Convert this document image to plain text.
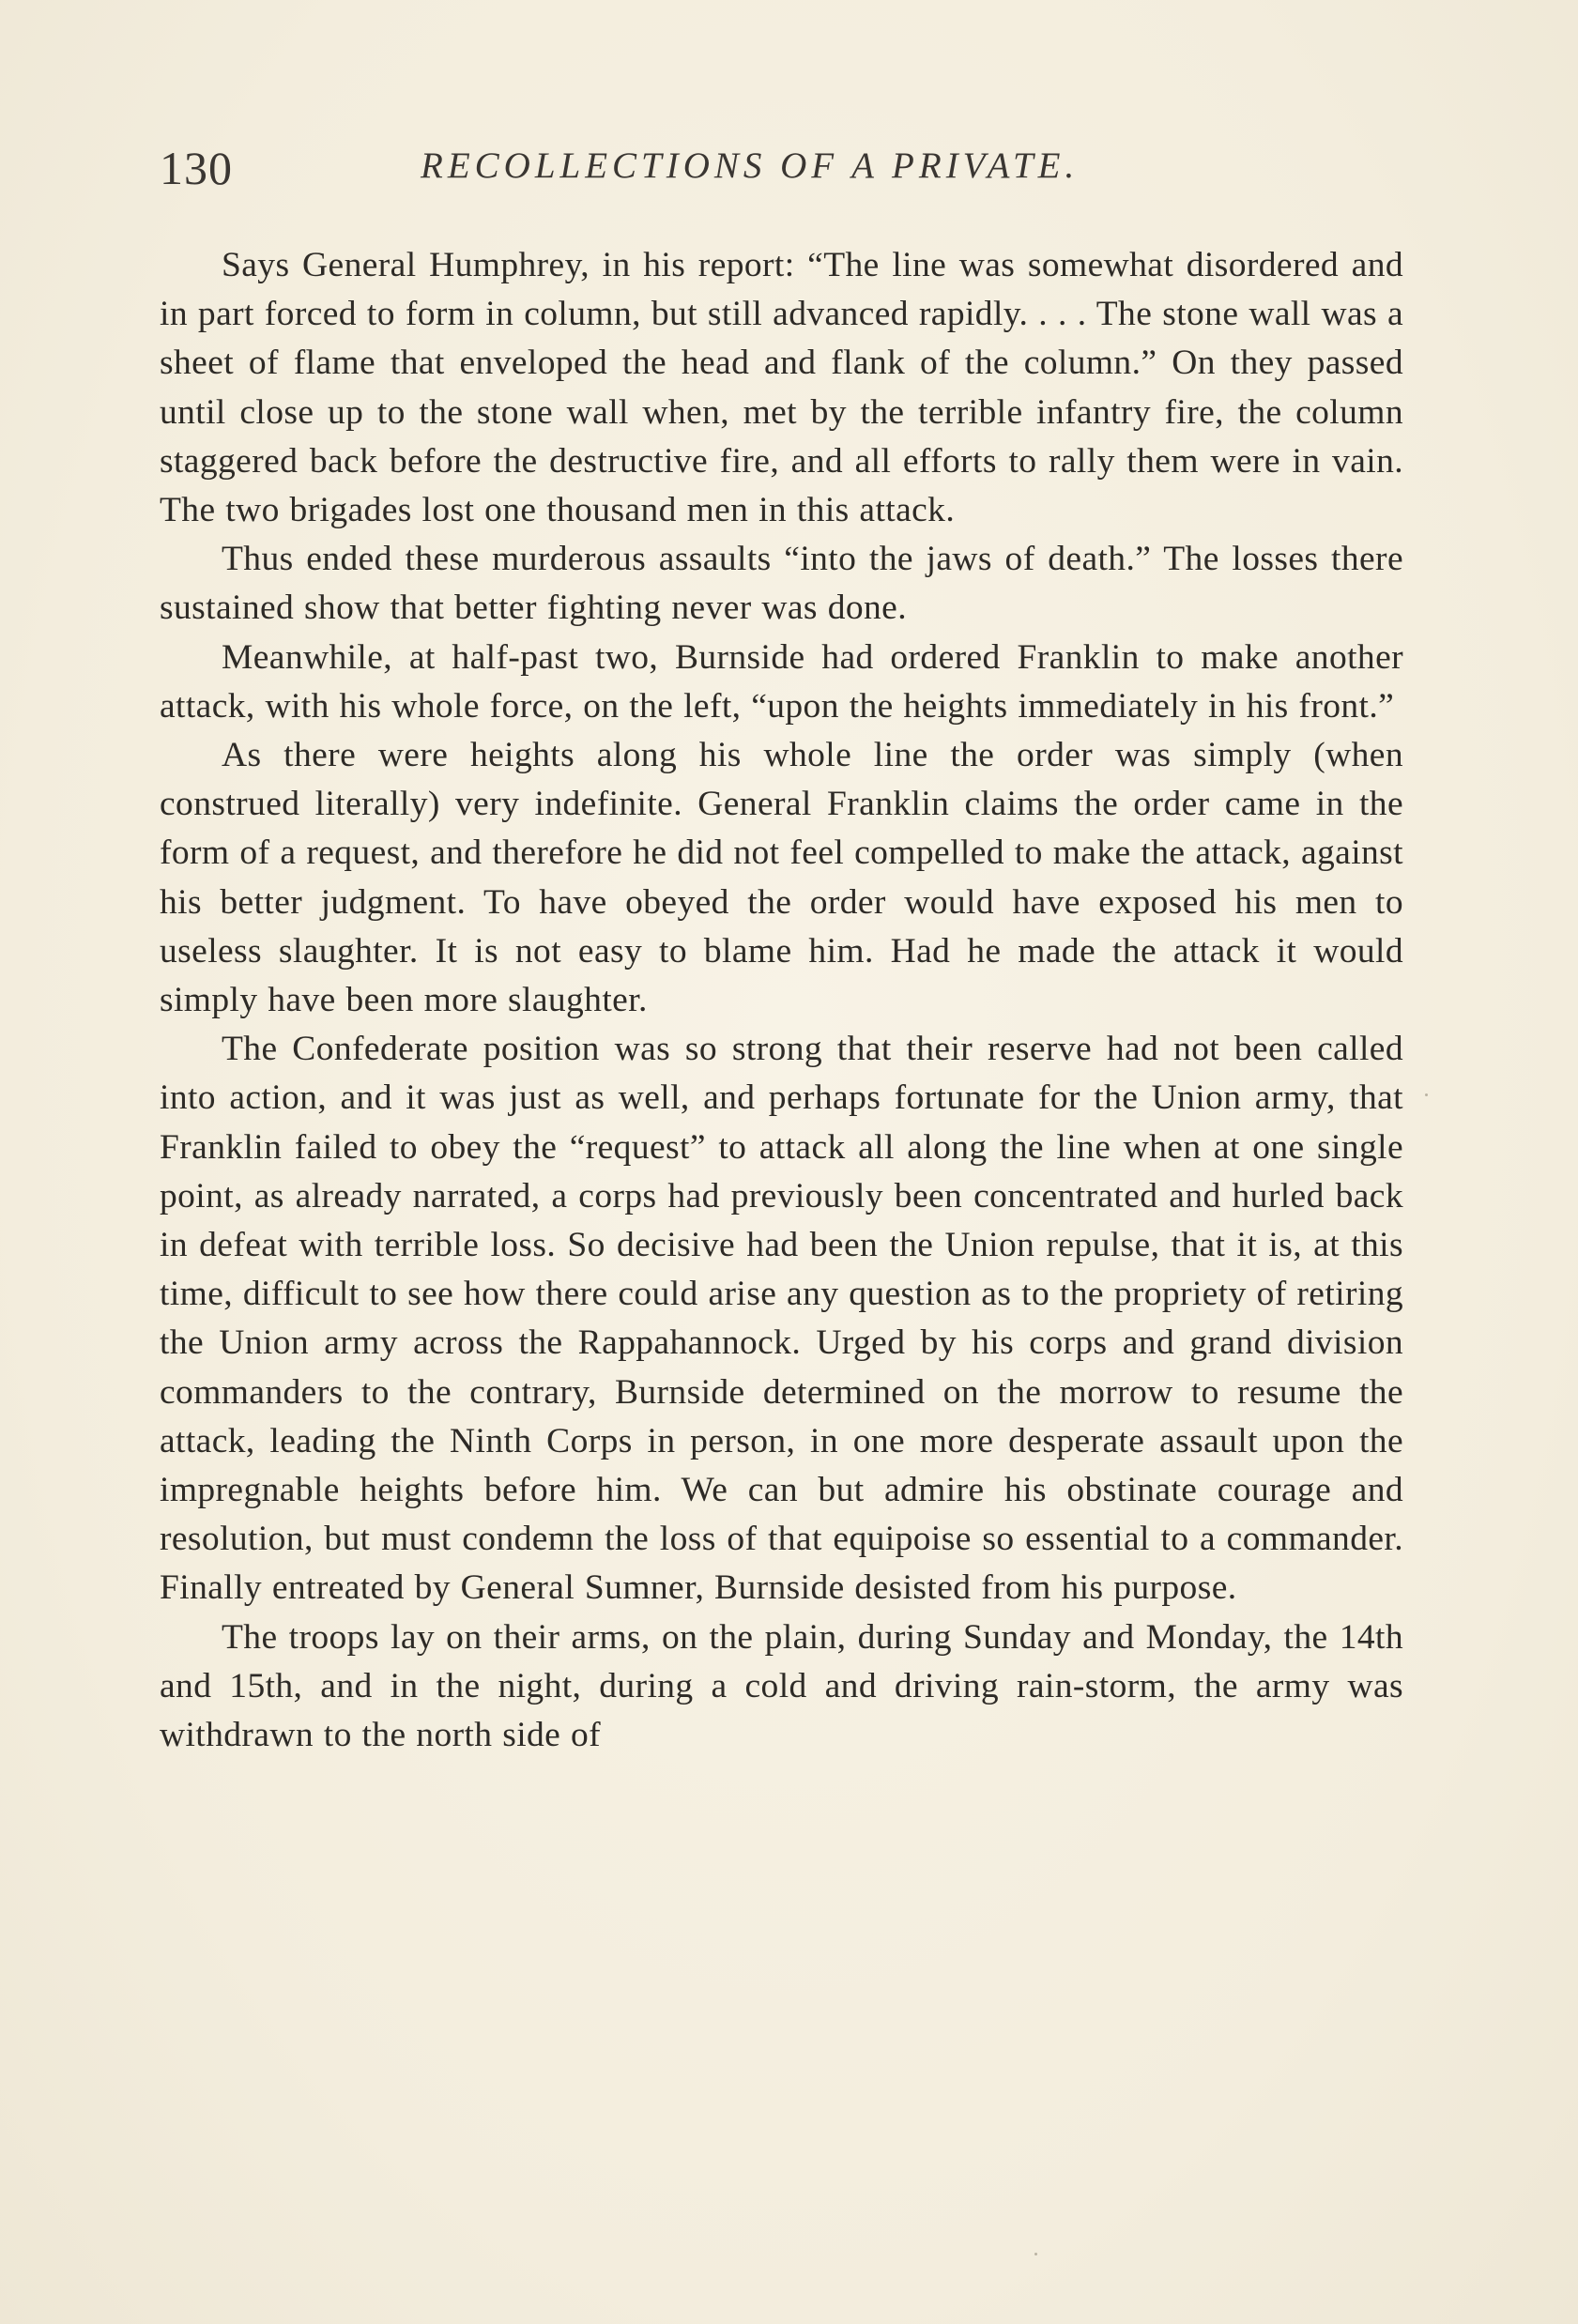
130	RECOLLECTIONS OF A PRIVATE.

Says General Humphrey, in his report: “The line was somewhat disordered and in part forced to form in column, but still advanced rapidly. . . . The stone wall was a sheet of flame that enveloped the head and flank of the column.” On they passed until close up to the stone wall when, met by the terrible infantry fire, the column staggered back before the destructive fire, and all efforts to rally them were in vain. The two brigades lost one thousand men in this attack.

Thus ended these murderous assaults “into the jaws of death.” The losses there sustained show that better fighting never was done.

Meanwhile, at half-past two, Burnside had ordered Franklin to make another attack, with his whole force, on the left, “upon the heights immediately in his front.”

As there were heights along his whole line the order was simply (when construed literally) very indefinite. General Franklin claims the order came in the form of a request, and therefore he did not feel compelled to make the attack, against his better judgment. To have obeyed the order would have exposed his men to useless slaughter. It is not easy to blame him. Had he made the attack it would simply have been more slaughter.

The Confederate position was so strong that their reserve had not been called into action, and it was just as well, and perhaps fortunate for the Union army, that Franklin failed to obey the “request” to attack all along the line when at one single point, as already narrated, a corps had previously been concentrated and hurled back in defeat with terrible loss. So decisive had been the Union repulse, that it is, at this time, difficult to see how there could arise any question as to the propriety of retiring the Union army across the Rappahannock. Urged by his corps and grand division commanders to the contrary, Burnside determined on the morrow to resume the attack, leading the Ninth Corps in person, in one more desperate assault upon the impregnable heights before him. We can but admire his obstinate courage and resolution, but must condemn the loss of that equipoise so essential to a commander. Finally entreated by General Sumner, Burnside desisted from his purpose.

The troops lay on their arms, on the plain, during Sunday and Monday, the 14th and 15th, and in the night, during a cold and driving rain-storm, the army was withdrawn to the north side of
